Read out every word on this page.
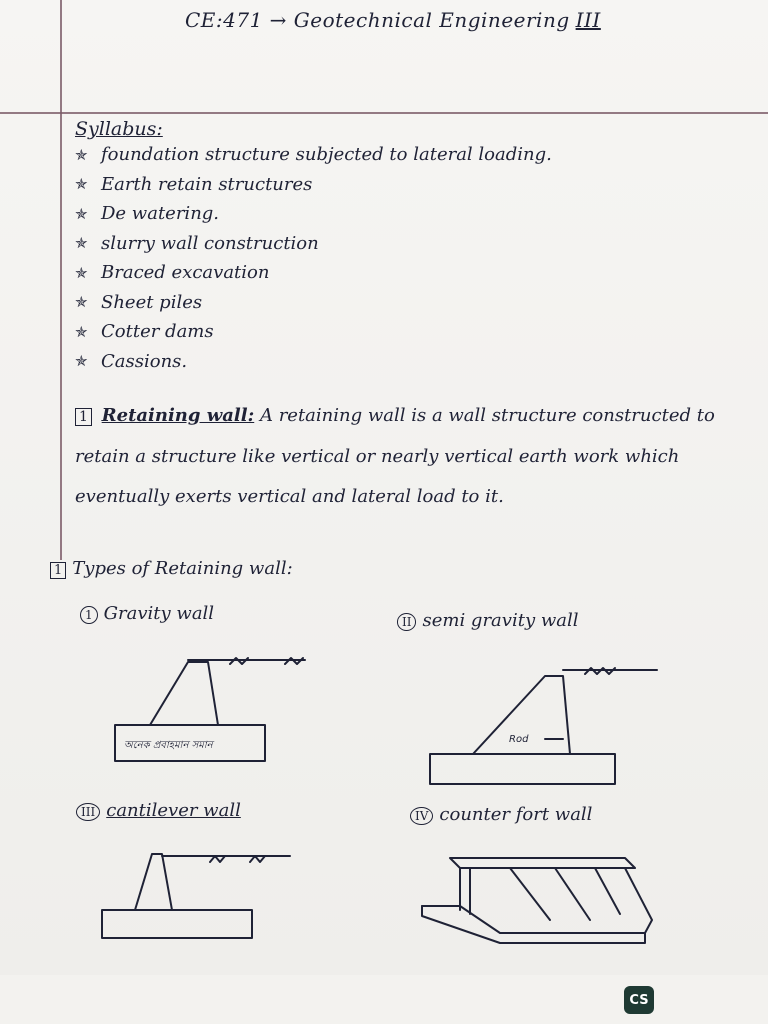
CE:471 → Geotechnical Engineering III
Syllabus:
✯ foundation structure subjected to lateral loading.
✯ Earth retain structures
✯ De watering.
✯ slurry wall construction
✯ Braced excavation
✯ Sheet piles
✯ Cotter dams
✯ Cassions.
1 Retaining wall: A retaining wall is a wall structure constructed to retain a structure like vertical or nearly vertical earth work which eventually exerts vertical and lateral load to it.
1 Types of Retaining wall:
1 Gravity wall	II semi gravity wall
III cantilever wall	IV counter fort wall
অনেক প্রবাহমান সমান
Rod
CS
